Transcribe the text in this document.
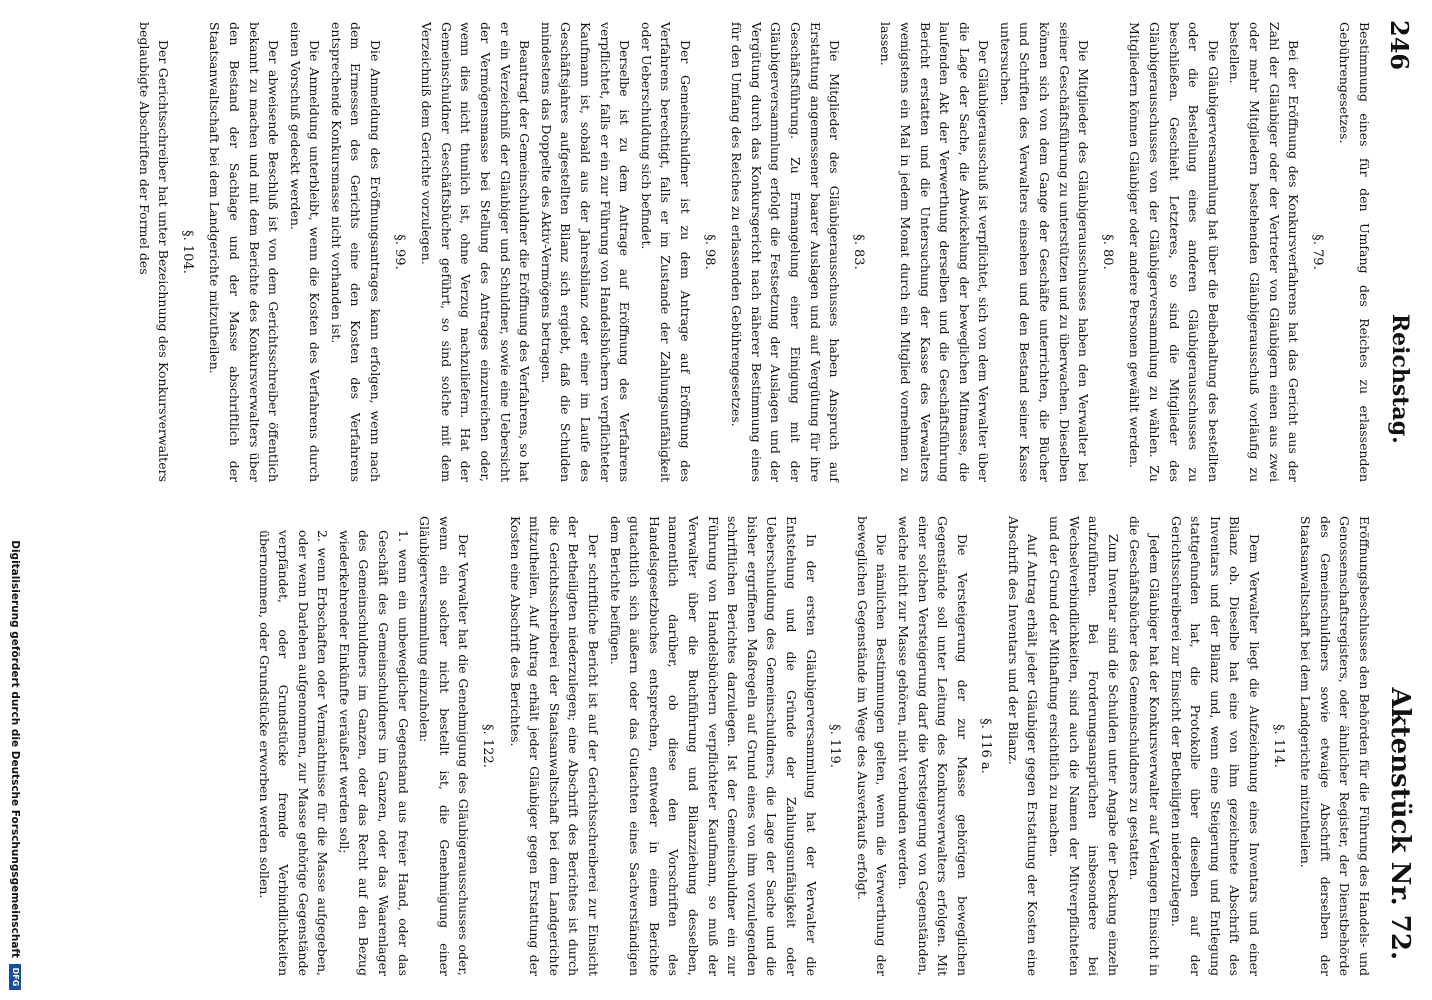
246
Reichstag.
Aktenstück Nr. 72.

Bestimmung eines für den Umfang des Reiches zu erlassenden Gebührengesetzes.

§. 79.

Bei der Eröffnung des Konkursverfahrens hat das Gericht aus der Zahl der Gläubiger oder der Vertreter von Gläubigern einen aus zwei oder mehr Mitgliedern bestehenden Gläubigerausschuß vorläufig zu bestellen.

Die Gläubigerversammlung hat über die Beibehaltung des bestellten oder die Bestellung eines anderen Gläubigerausschusses zu beschließen. Geschieht Letzteres, so sind die Mitglieder des Gläubigerausschusses von der Gläubigerversammlung zu wählen. Zu Mitgliedern können Gläubiger oder andere Personen gewählt werden.

§. 80.

Die Mitglieder des Gläubigerausschusses haben den Verwalter bei seiner Geschäftsführung zu unterstützen und zu überwachen. Dieselben können sich von dem Gange der Geschäfte unterrichten, die Bücher und Schriften des Verwalters einsehen und den Bestand seiner Kasse untersuchen.

Der Gläubigerausschuß ist verpflichtet, sich von dem Verwalter über die Lage der Sache, die Abwickelung der beweglichen Mitmasse, die laufenden Akt der Verwerthung derselben und die Geschäftsführung Bericht erstatten und die Untersuchung der Kasse des Verwalters wenigstens ein Mal in jedem Monat durch ein Mitglied vornehmen zu lassen.

§. 83.

Die Mitglieder des Gläubigerausschusses haben Anspruch auf Erstattung angemessener baarer Auslagen und auf Vergütung für ihre Geschäftsführung. Zu Ermangelung einer Einigung mit der Gläubigerversammlung erfolgt die Festsetzung der Auslagen und der Vergütung durch das Konkursgericht nach näherer Bestimmung eines für den Umfang des Reiches zu erlassenden Gebührengesetzes.

§. 98.

Der Gemeinschuldner ist zu dem Antrage auf Eröffnung des Verfahrens berechtigt, falls er im Zustande der Zahlungsunfähigkeit oder Ueberschuldung sich befindet.

Derselbe ist zu dem Antrage auf Eröffnung des Verfahrens verpflichtet, falls er ein zur Führung von Handelsbüchern verpflichteter Kaufmann ist, sobald aus der Jahresbilanz oder einer im Laufe des Geschäftsjahres aufgestellten Bilanz sich ergiebt, daß die Schulden mindestens das Doppelte des Aktiv-Vermögens betragen.

Beantragt der Gemeinschuldner die Eröffnung des Verfahrens, so hat er ein Verzeichniß der Gläubiger und Schuldner, sowie eine Uebersicht der Vermögensmasse bei Stellung des Antrages einzureichen oder, wenn dies nicht thunlich ist, ohne Verzug nachzuliefern. Hat der Gemeinschuldner Geschäftsbücher geführt, so sind solche mit dem Verzeichniß dem Gerichte vorzulegen.

§. 99.

Die Anmeldung des Eröffnungsantrages kann erfolgen, wenn nach dem Ermessen des Gerichts eine den Kosten des Verfahrens entsprechende Konkursmasse nicht vorhanden ist.

Die Anmeldung unterbleibt, wenn die Kosten des Verfahrens durch einen Vorschuß gedeckt werden.

Der abweisende Beschluß ist von dem Gerichtsschreiber öffentlich bekannt zu machen und mit dem Berichte des Konkursverwalters über den Bestand der Sachlage und der Masse abschriftlich der Staatsanwaltschaft bei dem Landgerichte mitzutheilen.

§. 104.

Der Gerichtsschreiber hat unter Bezeichnung des Konkursverwalters beglaubigte Abschriften der Formel des

Eröffnungsbeschlusses den Behörden für die Führung des Handels- und Genossenschaftsregisters, oder ähnlicher Register, der Dienstbehörde des Gemeinschuldners sowie etwaige Abschrift derselben der Staatsanwaltschaft bei dem Landgerichte mitzutheilen.

§. 114.

Dem Verwalter liegt die Aufzeichnung eines Inventars und einer Bilanz ob. Dieselbe hat eine von ihm gezeichnete Abschrift des Inventars und der Bilanz und, wenn eine Steigerung und Entlegung stattgefunden hat, die Protokolle über dieselben auf der Gerichtsschreiberei zur Einsicht der Betheiligten niederzulegen.

Jedem Gläubiger hat der Konkursverwalter auf Verlangen Einsicht in die Geschäftsbücher des Gemeinschuldners zu gestatten.

Zum Inventar sind die Schulden unter Angabe der Deckung einzeln aufzuführen. Bei Forderungsansprüchen insbesondere bei Wechselverbindlichkeiten, sind auch die Namen der Mitverpflichteten und der Grund der Mithaftung ersichtlich zu machen.

Auf Antrag erhält jeder Gläubiger gegen Erstattung der Kosten eine Abschrift des Inventars und der Bilanz.

§. 116 a.

Die Versteigerung der zur Masse gehörigen beweglichen Gegenstände soll unter Leitung des Konkursverwalters erfolgen. Mit einer solchen Versteigerung darf die Versteigerung von Gegenständen, welche nicht zur Masse gehören, nicht verbunden werden.

Die nämlichen Bestimmungen gelten, wenn die Verwerthung der beweglichen Gegenstände im Wege des Ausverkaufs erfolgt.

§. 119.

In der ersten Gläubigerversammlung hat der Verwalter die Entstehung und die Gründe der Zahlungsunfähigkeit oder Ueberschuldung des Gemeinschuldners, die Lage der Sache und die bisher ergriffenen Maßregeln auf Grund eines von ihm vorzulegenden schriftlichen Berichtes darzulegen. Ist der Gemeinschuldner ein zur Führung von Handelsbüchern verpflichteter Kaufmann, so muß der Verwalter über die Buchführung und Bilanzziehung desselben, namentlich darüber, ob diese den Vorschriften des Handelsgesetzbuches entsprechen, entweder in einem Berichte gutachtlich sich äußern oder das Gutachten eines Sachverständigen dem Berichte beifügen.

Der schriftliche Bericht ist auf der Gerichtsschreiberei zur Einsicht der Betheiligten niederzulegen; eine Abschrift des Berichtes ist durch die Gerichtsschreiberei der Staatsanwaltschaft bei dem Landgerichte mitzutheilen. Auf Antrag erhält jeder Gläubiger gegen Erstattung der Kosten eine Abschrift des Berichtes.

§. 122.

Der Verwalter hat die Genehmigung des Gläubigerausschusses oder, wenn ein solcher nicht bestellt ist, die Genehmigung einer Gläubigerversammlung einzuholen:

1. wenn ein unbeweglicher Gegenstand aus freier Hand, oder das Geschäft des Gemeinschuldners im Ganzen, oder das Waarenlager des Gemeinschuldners im Ganzen, oder das Recht auf den Bezug wiederkehrender Einkünfte veräußert werden soll;
2. wenn Erbschaften oder Vermächtnisse für die Masse aufgegeben, oder wenn Darlehen aufgenommen, zur Masse gehörige Gegenstände verpfändet, oder Grundstücke fremde Verbindlichkeiten übernommen, oder Grundstücke erworben werden sollen.
Digitalisierung gefördert durch die Deutsche Forschungsgemeinschaft
DFG
